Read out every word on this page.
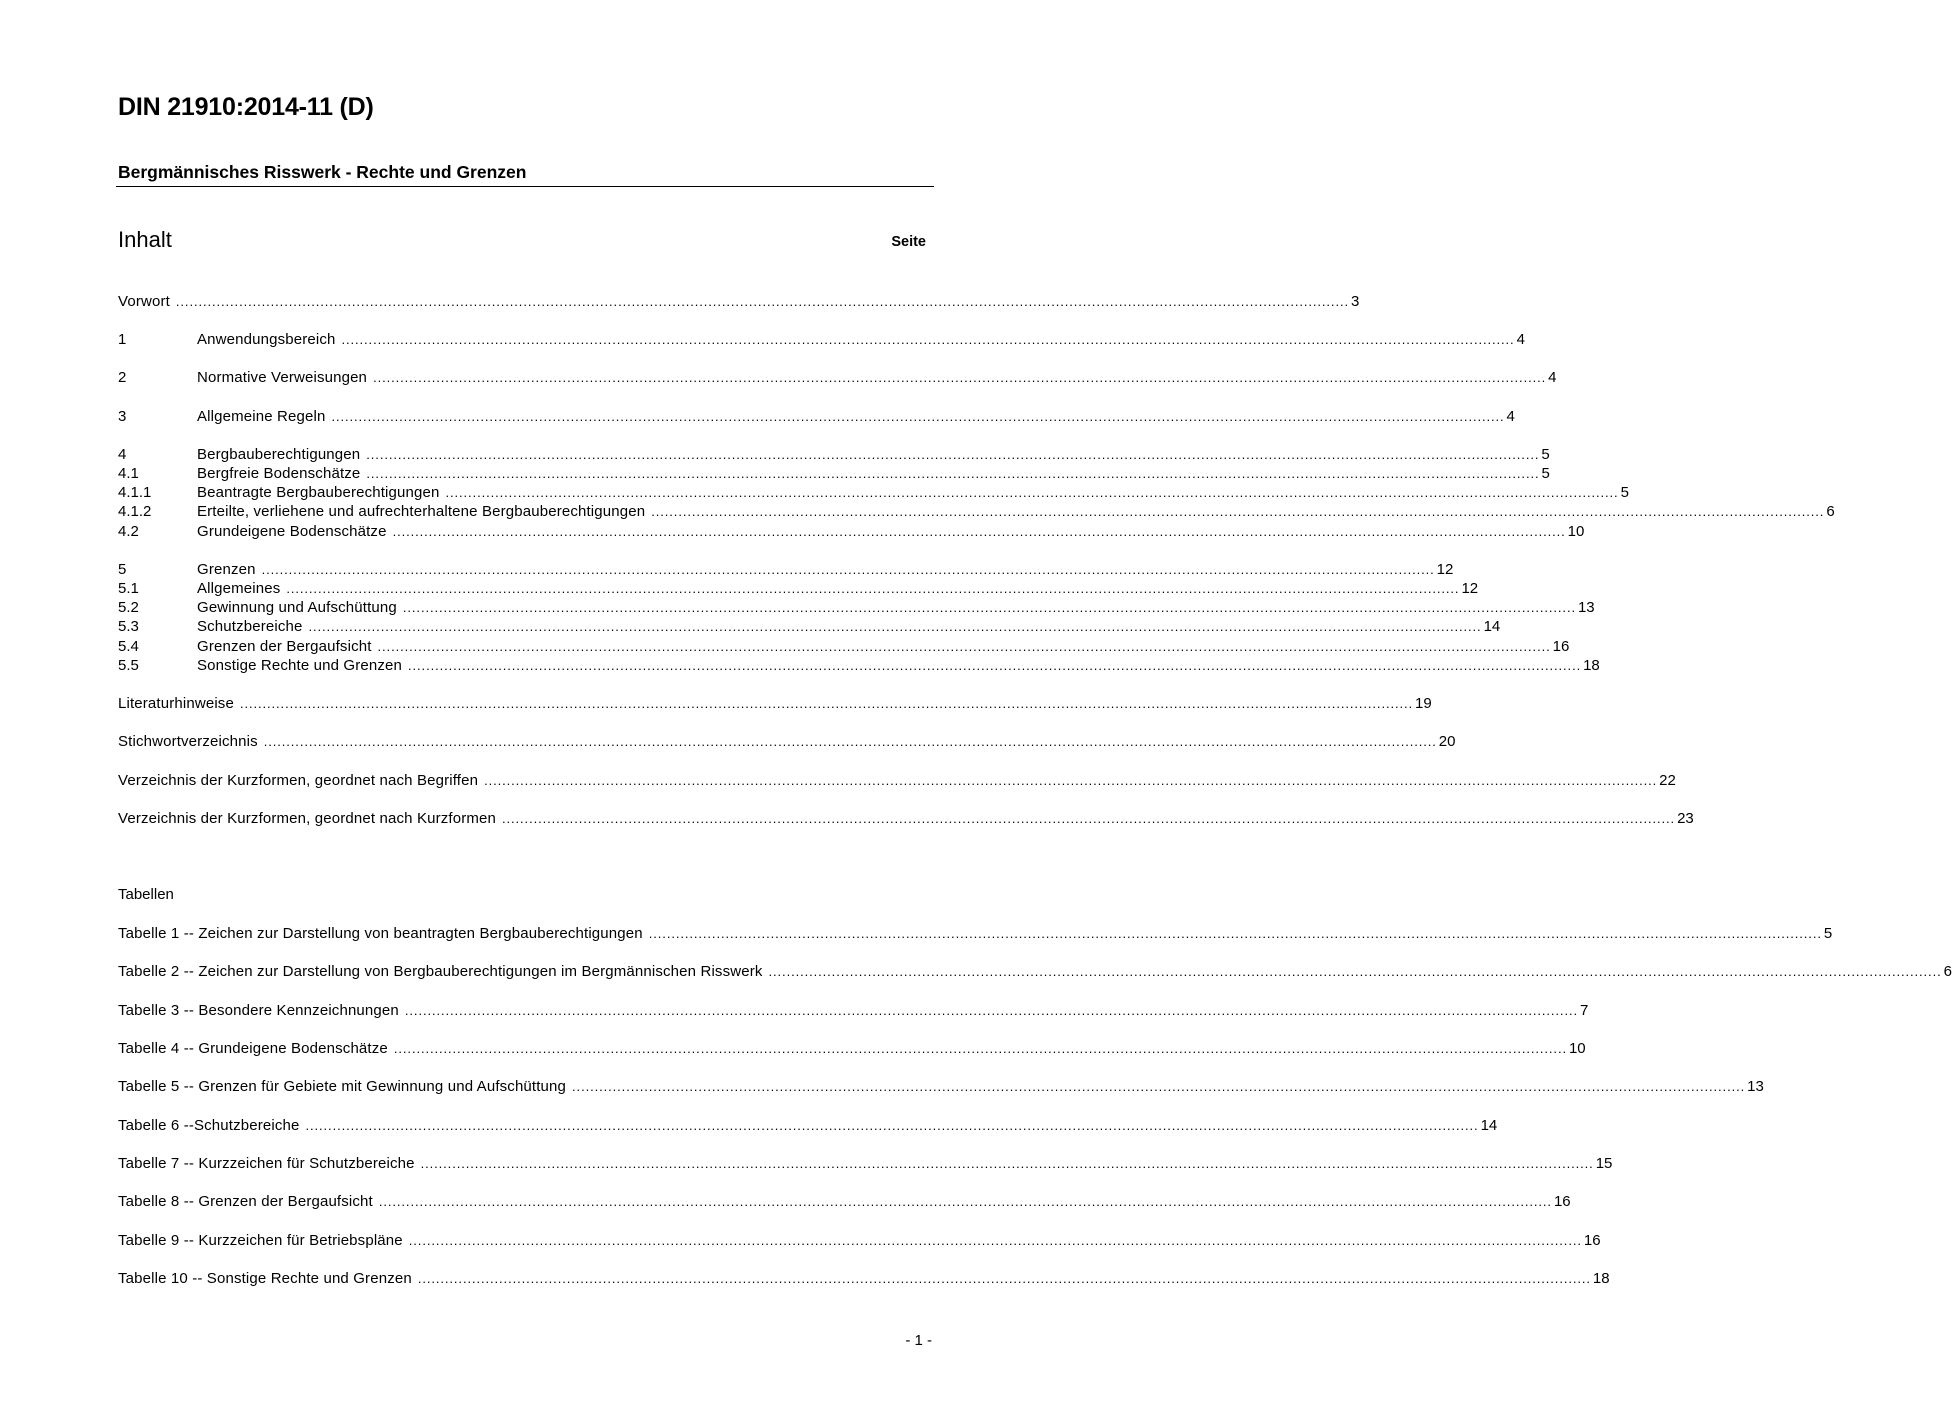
DIN 21910:2014-11 (D)
Bergmännisches Risswerk - Rechte und Grenzen
Inhalt	Seite
Vorwort .................................................................................................................................................................................................................................................................... 3
1	Anwendungsbereich .................................................................................................................................................................................................................................................................... 4
2	Normative Verweisungen .................................................................................................................................................................................................................................................................... 4
3	Allgemeine Regeln .................................................................................................................................................................................................................................................................... 4
4	Bergbauberechtigungen .................................................................................................................................................................................................................................................................... 5
4.1	Bergfreie Bodenschätze .................................................................................................................................................................................................................................................................... 5
4.1.1	Beantragte Bergbauberechtigungen .................................................................................................................................................................................................................................................................... 5
4.1.2	Erteilte, verliehene und aufrechterhaltene Bergbauberechtigungen .................................................................................................................................................................................................................................................................... 6
4.2	Grundeigene Bodenschätze .................................................................................................................................................................................................................................................................... 10
5	Grenzen .................................................................................................................................................................................................................................................................... 12
5.1	Allgemeines .................................................................................................................................................................................................................................................................... 12
5.2	Gewinnung und Aufschüttung .................................................................................................................................................................................................................................................................... 13
5.3	Schutzbereiche .................................................................................................................................................................................................................................................................... 14
5.4	Grenzen der Bergaufsicht .................................................................................................................................................................................................................................................................... 16
5.5	Sonstige Rechte und Grenzen .................................................................................................................................................................................................................................................................... 18
Literaturhinweise .................................................................................................................................................................................................................................................................... 19
Stichwortverzeichnis .................................................................................................................................................................................................................................................................... 20
Verzeichnis der Kurzformen, geordnet nach Begriffen .................................................................................................................................................................................................................................................................... 22
Verzeichnis der Kurzformen, geordnet nach Kurzformen .................................................................................................................................................................................................................................................................... 23
Tabellen
Tabelle 1 -- Zeichen zur Darstellung von beantragten Bergbauberechtigungen .................................................................................................................................................................................................................................................................... 5
Tabelle 2 -- Zeichen zur Darstellung von Bergbauberechtigungen im Bergmännischen Risswerk .................................................................................................................................................................................................................................................................... 6
Tabelle 3 -- Besondere Kennzeichnungen .................................................................................................................................................................................................................................................................... 7
Tabelle 4 -- Grundeigene Bodenschätze .................................................................................................................................................................................................................................................................... 10
Tabelle 5 -- Grenzen für Gebiete mit Gewinnung und Aufschüttung .................................................................................................................................................................................................................................................................... 13
Tabelle 6 --Schutzbereiche .................................................................................................................................................................................................................................................................... 14
Tabelle 7 -- Kurzzeichen für Schutzbereiche .................................................................................................................................................................................................................................................................... 15
Tabelle 8 -- Grenzen der Bergaufsicht .................................................................................................................................................................................................................................................................... 16
Tabelle 9 -- Kurzzeichen für Betriebspläne .................................................................................................................................................................................................................................................................... 16
Tabelle 10 -- Sonstige Rechte und Grenzen .................................................................................................................................................................................................................................................................... 18
- 1 -
